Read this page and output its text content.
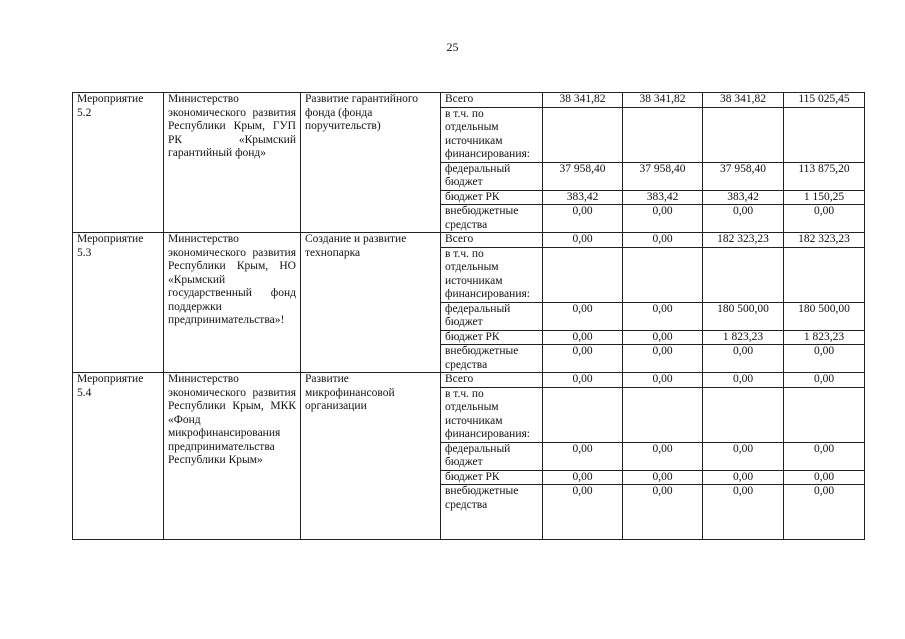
25
Мероприятие 5.2	Министерство экономического развития Республики Крым, ГУП РК «Крымский гарантийный фонд»	Развитие гарантийного фонда (фонда поручительств)	Всего	38 341,82	38 341,82	38 341,82	115 025,45
			в т.ч. по отдельным источникам финансирования:				
			федеральный бюджет	37 958,40	37 958,40	37 958,40	113 875,20
			бюджет РК	383,42	383,42	383,42	1 150,25
			внебюджетные средства	0,00	0,00	0,00	0,00
Мероприятие 5.3	Министерство экономического развития Республики Крым, НО «Крымский государственный фонд поддержки предпринимательства»!	Создание и развитие технопарка	Всего	0,00	0,00	182 323,23	182 323,23
			в т.ч. по отдельным источникам финансирования:				
			федеральный бюджет	0,00	0,00	180 500,00	180 500,00
			бюджет РК	0,00	0,00	1 823,23	1 823,23
			внебюджетные средства	0,00	0,00	0,00	0,00
Мероприятие 5.4	Министерство экономического развития Республики Крым, МКК «Фонд микрофинансирования предпринимательства Республики Крым»	Развитие микрофинансовой организации	Всего	0,00	0,00	0,00	0,00
			в т.ч. по отдельным источникам финансирования:				
			федеральный бюджет	0,00	0,00	0,00	0,00
			бюджет РК	0,00	0,00	0,00	0,00
			внебюджетные средства	0,00	0,00	0,00	0,00
